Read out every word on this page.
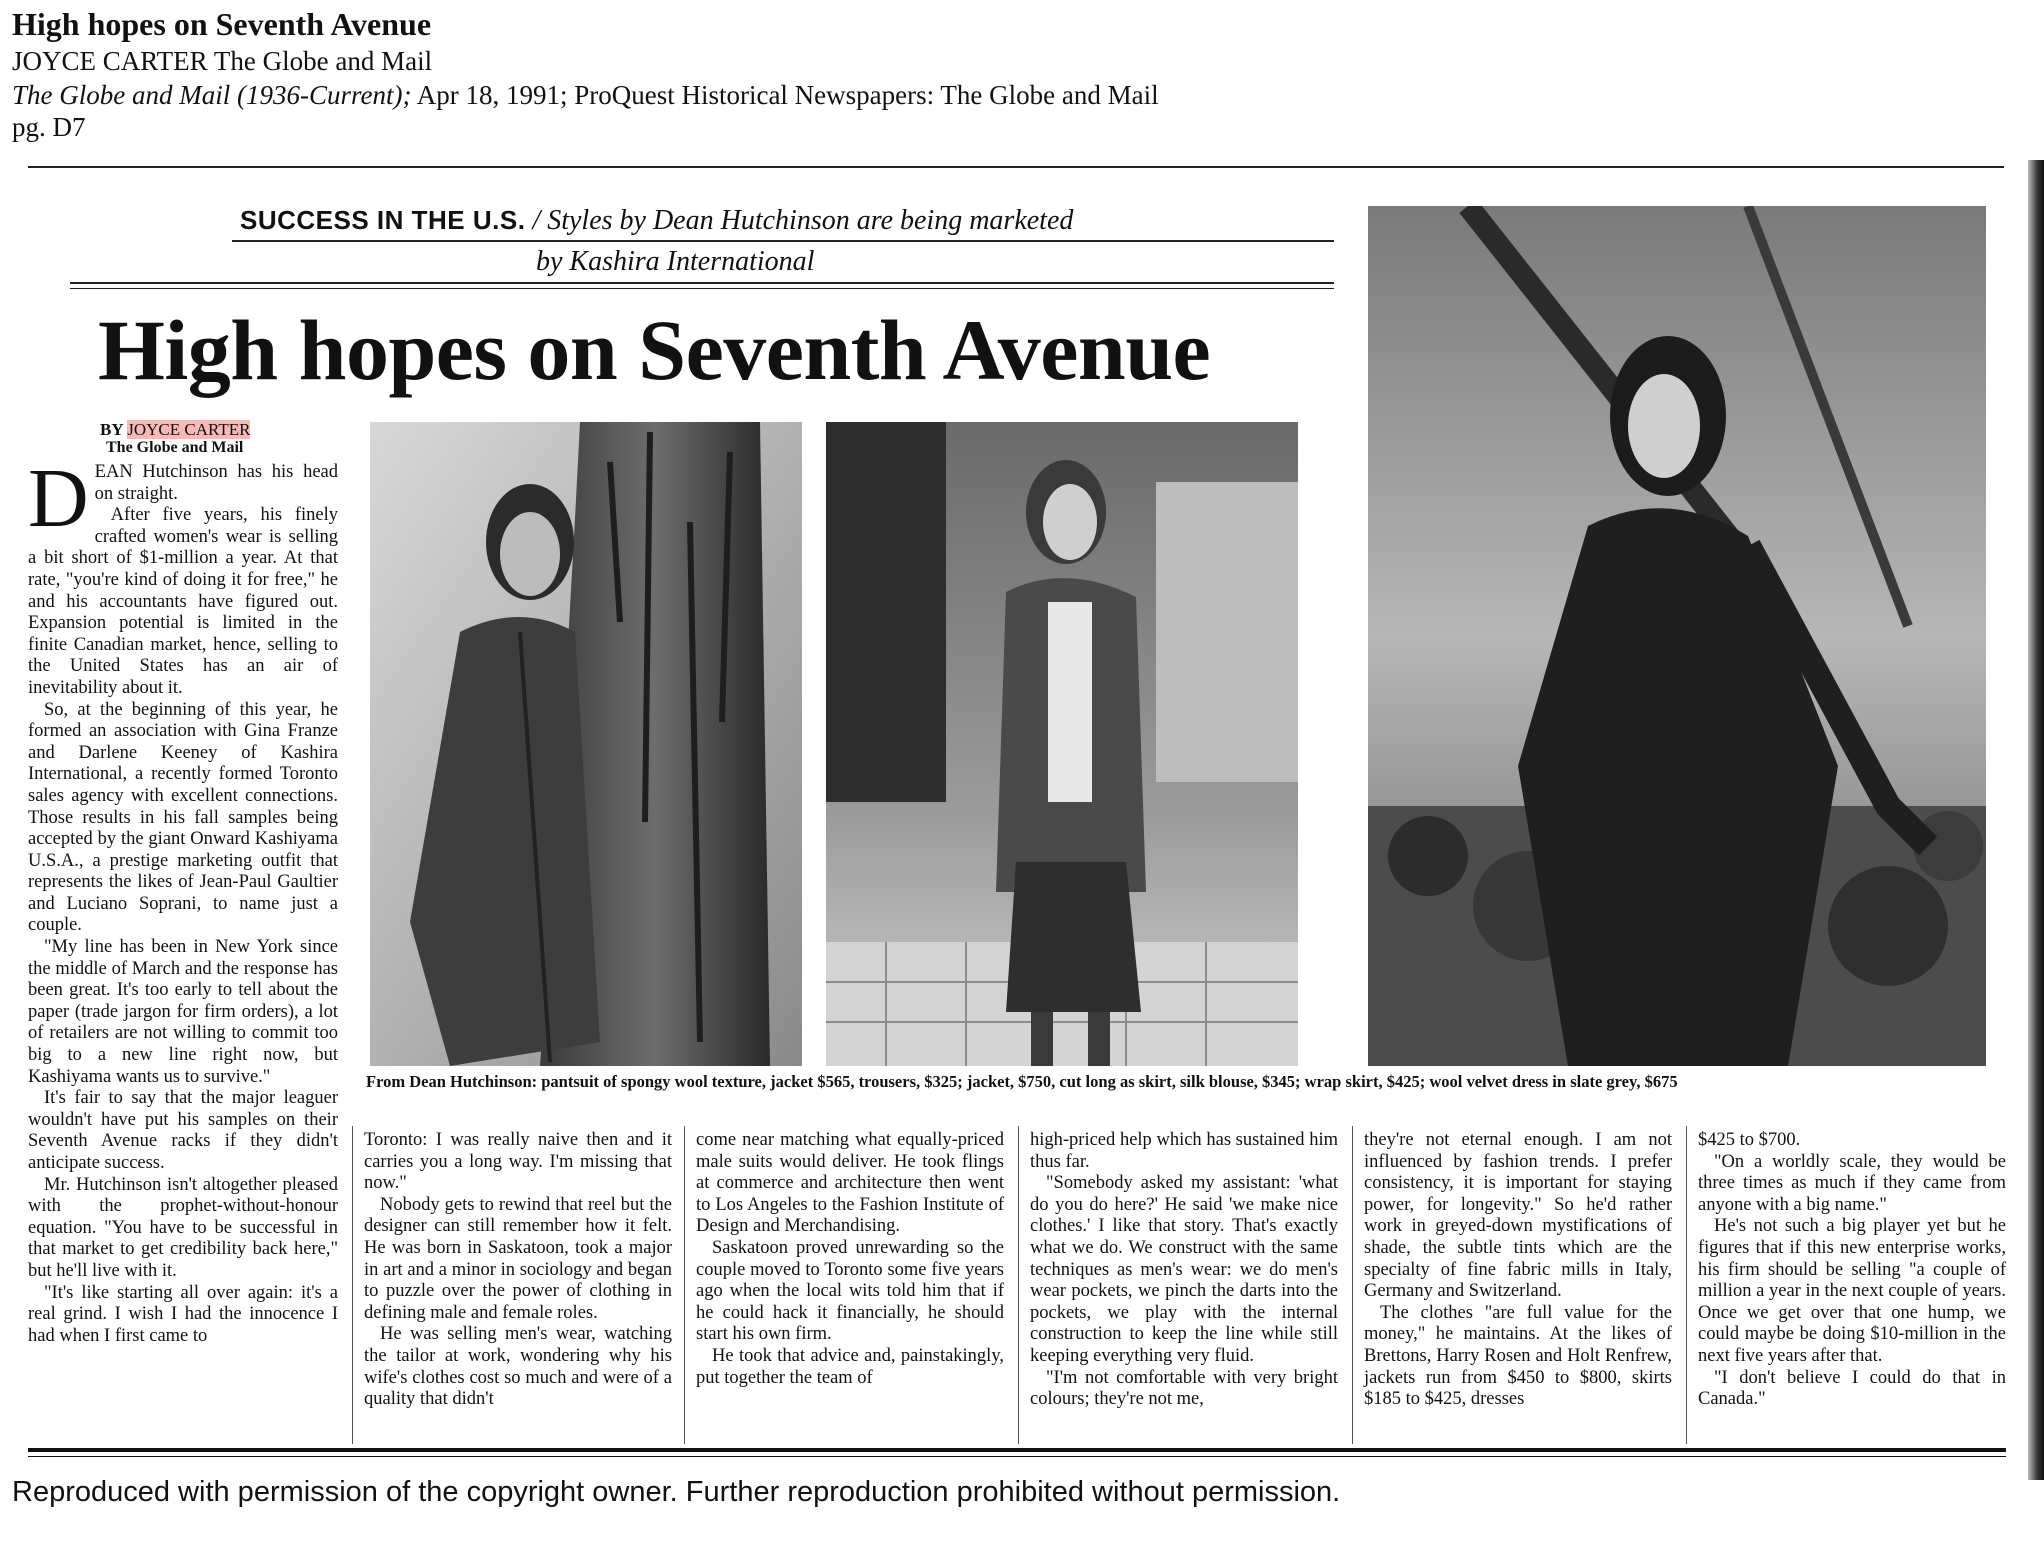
High hopes on Seventh Avenue
JOYCE CARTER The Globe and Mail
The Globe and Mail (1936-Current); Apr 18, 1991; ProQuest Historical Newspapers: The Globe and Mail
pg. D7
SUCCESS IN THE U.S. / Styles by Dean Hutchinson are being marketed
by Kashira International
High hopes on Seventh Avenue
BY JOYCE CARTER
The Globe and Mail

DEAN Hutchinson has his head on straight.

After five years, his finely crafted women's wear is selling a bit short of $1-million a year. At that rate, "you're kind of doing it for free," he and his accountants have figured out. Expansion potential is limited in the finite Canadian market, hence, selling to the United States has an air of inevitability about it.

So, at the beginning of this year, he formed an association with Gina Franze and Darlene Keeney of Kashira International, a recently formed Toronto sales agency with excellent connections. Those results in his fall samples being accepted by the giant Onward Kashiyama U.S.A., a prestige marketing outfit that represents the likes of Jean-Paul Gaultier and Luciano Soprani, to name just a couple.

"My line has been in New York since the middle of March and the response has been great. It's too early to tell about the paper (trade jargon for firm orders), a lot of retailers are not willing to commit too big to a new line right now, but Kashiyama wants us to survive."

It's fair to say that the major leaguer wouldn't have put his samples on their Seventh Avenue racks if they didn't anticipate success.

Mr. Hutchinson isn't altogether pleased with the prophet-without-honour equation. "You have to be successful in that market to get credibility back here," but he'll live with it.

"It's like starting all over again: it's a real grind. I wish I had the innocence I had when I first came to

From Dean Hutchinson: pantsuit of spongy wool texture, jacket $565, trousers, $325; jacket, $750, cut long as skirt, silk blouse, $345; wrap skirt, $425; wool velvet dress in slate grey, $675

Toronto: I was really naive then and it carries you a long way. I'm missing that now."

Nobody gets to rewind that reel but the designer can still remember how it felt. He was born in Saskatoon, took a major in art and a minor in sociology and began to puzzle over the power of clothing in defining male and female roles.

He was selling men's wear, watching the tailor at work, wondering why his wife's clothes cost so much and were of a quality that didn't

come near matching what equally-priced male suits would deliver. He took flings at commerce and architecture then went to Los Angeles to the Fashion Institute of Design and Merchandising.

Saskatoon proved unrewarding so the couple moved to Toronto some five years ago when the local wits told him that if he could hack it financially, he should start his own firm.

He took that advice and, painstakingly, put together the team of

high-priced help which has sustained him thus far.

"Somebody asked my assistant: 'what do you do here?' He said 'we make nice clothes.' I like that story. That's exactly what we do. We construct with the same techniques as men's wear: we do men's wear pockets, we pinch the darts into the pockets, we play with the internal construction to keep the line while still keeping everything very fluid.

"I'm not comfortable with very bright colours; they're not me,

they're not eternal enough. I am not influenced by fashion trends. I prefer consistency, it is important for staying power, for longevity." So he'd rather work in greyed-down mystifications of shade, the subtle tints which are the specialty of fine fabric mills in Italy, Germany and Switzerland.

The clothes "are full value for the money," he maintains. At the likes of Brettons, Harry Rosen and Holt Renfrew, jackets run from $450 to $800, skirts $185 to $425, dresses

$425 to $700.

"On a worldly scale, they would be three times as much if they came from anyone with a big name."

He's not such a big player yet but he figures that if this new enterprise works, his firm should be selling "a couple of million a year in the next couple of years. Once we get over that one hump, we could maybe be doing $10-million in the next five years after that.

"I don't believe I could do that in Canada."

Reproduced with permission of the copyright owner. Further reproduction prohibited without permission.
